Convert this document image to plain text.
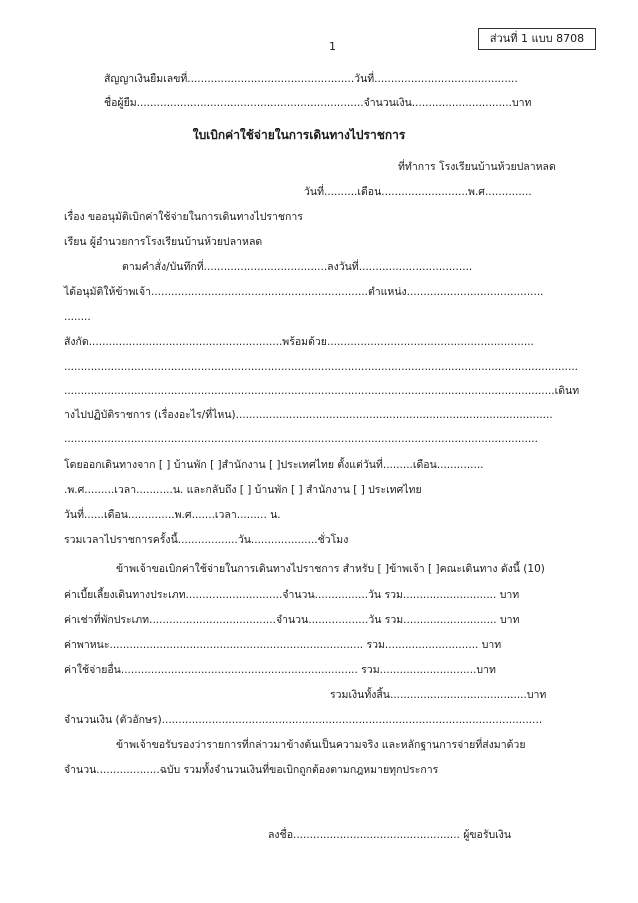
1
ส่วนที่ 1 แบบ 8708
สัญญาเงินยืมเลขที่..................................................วันที่...........................................
ชื่อผู้ยืม....................................................................จำนวนเงิน..............................บาท
ใบเบิกค่าใช้จ่ายในการเดินทางไปราชการ
ที่ทำการ โรงเรียนบ้านห้วยปลาหลด
วันที่..........เดือน..........................พ.ศ..............
เรื่อง ขออนุมัติเบิกค่าใช้จ่ายในการเดินทางไปราชการ
เรียน ผู้อำนวยการโรงเรียนบ้านห้วยปลาหลด
ตามคำสั่ง/บันทึกที่.....................................ลงวันที่..................................
ได้อนุมัติให้ข้าพเจ้า.................................................................ตำแหน่ง.........................................
........
สังกัด..........................................................พร้อมด้วย..............................................................
..........................................................................................................................................................
...................................................................................................................................................เดินท
างไปปฏิบัติราชการ (เรื่องอะไร/ที่ไหน)...............................................................................................
..............................................................................................................................................
โดยออกเดินทางจาก [ ] บ้านพัก [ ]สำนักงาน [ ]ประเทศไทย ตั้งแต่วันที่.........เดือน..............
.พ.ศ.........เวลา...........น. และกลับถึง [ ] บ้านพัก [ ] สำนักงาน [ ] ประเทศไทย
วันที่......เดือน..............พ.ศ.......เวลา......... น.
รวมเวลาไปราชการครั้งนี้..................วัน....................ชั่วโมง
ข้าพเจ้าขอเบิกค่าใช้จ่ายในการเดินทางไปราชการ สำหรับ [ ]ข้าพเจ้า [ ]คณะเดินทาง ดังนี้ (10)
ค่าเบี้ยเลี้ยงเดินทางประเภท.............................จำนวน................วัน รวม............................ บาท
ค่าเช่าที่พักประเภท......................................จำนวน..................วัน รวม............................ บาท
ค่าพาหนะ............................................................................ รวม............................ บาท
ค่าใช้จ่ายอื่น....................................................................... รวม.............................บาท
รวมเงินทั้งสิ้น.........................................บาท
จำนวนเงิน (ตัวอักษร)..................................................................................................................
ข้าพเจ้าขอรับรองว่ารายการที่กล่าวมาข้างต้นเป็นความจริง และหลักฐานการจ่ายที่ส่งมาด้วย
จำนวน...................ฉบับ รวมทั้งจำนวนเงินที่ขอเบิกถูกต้องตามกฎหมายทุกประการ
ลงชื่อ.................................................. ผู้ขอรับเงิน
